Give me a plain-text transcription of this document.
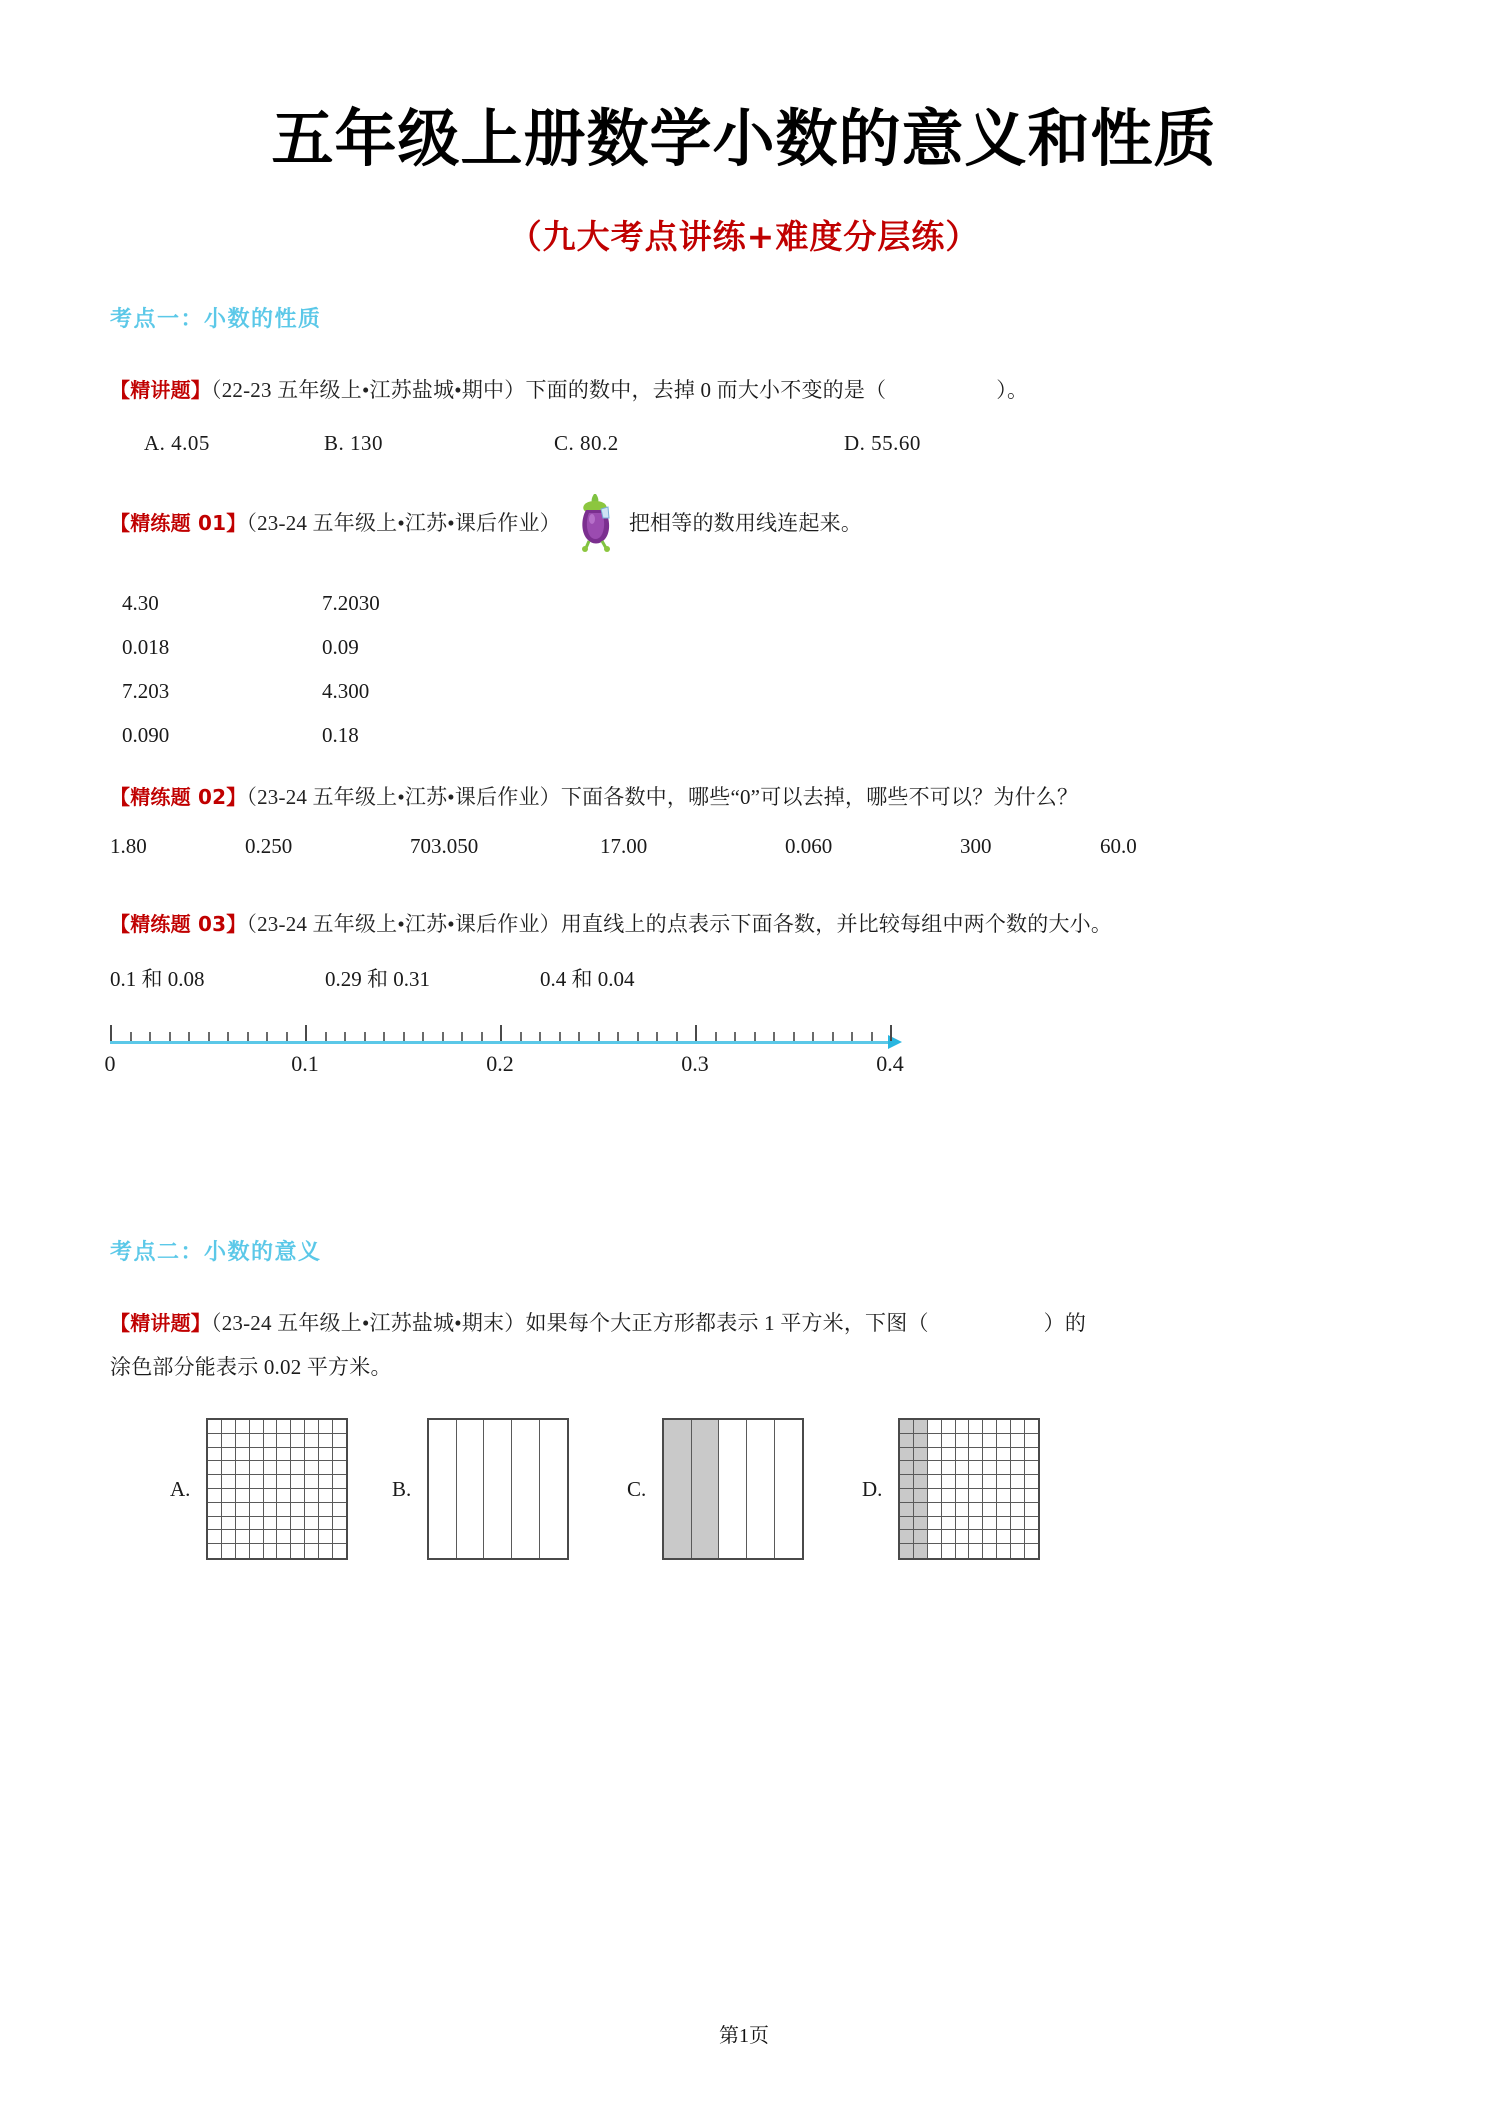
五年级上册数学小数的意义和性质
（九大考点讲练+难度分层练）
考点一：小数的性质
【精讲题】（22-23 五年级上•江苏盐城•期中）下面的数中，去掉 0 而大小不变的是（	）。
A. 4.05	B. 130	C. 80.2	D. 55.60
【精练题 01】（23-24 五年级上•江苏•课后作业）	把相等的数用线连起来。
4.30	7.2030
0.018	0.09
7.203	4.300
0.090	0.18
【精练题 02】（23-24 五年级上•江苏•课后作业）下面各数中，哪些“0”可以去掉，哪些不可以？为什么？
1.80	0.250	703.050	17.00	0.060	300	60.0
【精练题 03】（23-24 五年级上•江苏•课后作业）用直线上的点表示下面各数，并比较每组中两个数的大小。
0.1 和 0.08	0.29 和 0.31	0.4 和 0.04
0	0.1	0.2	0.3	0.4
考点二：小数的意义
【精讲题】（23-24 五年级上•江苏盐城•期末）如果每个大正方形都表示 1 平方米，下图（	）的
涂色部分能表示 0.02 平方米。
A.	B.	C.	D.
第1页
